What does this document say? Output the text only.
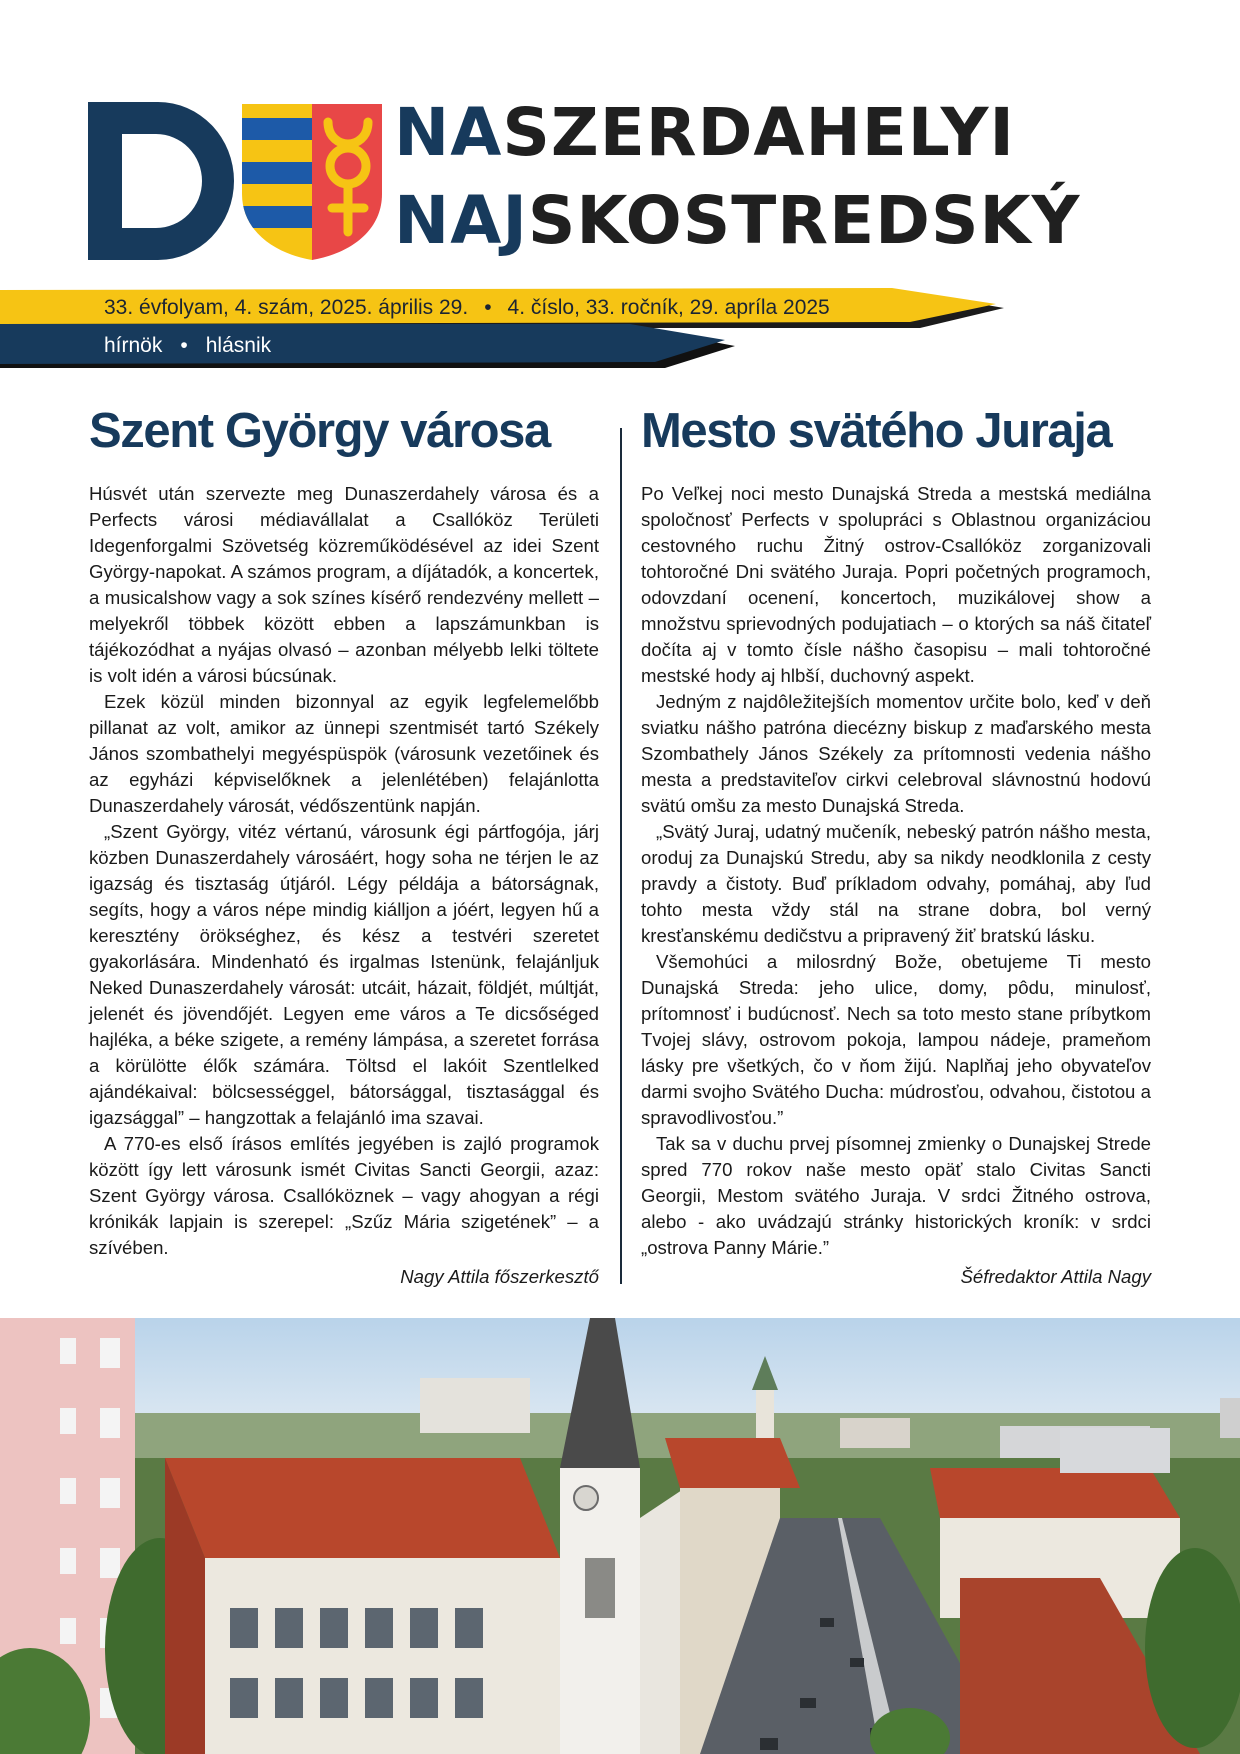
NASZERDAHELYI
NAJSKOSTREDSKÝ
33. évfolyam, 4. szám, 2025. április 29. • 4. číslo, 33. ročník, 29. apríla 2025
hírnök • hlásnik
Szent György városa

Húsvét után szervezte meg Dunaszerdahely városa és a Perfects városi médiavállalat a Csallóköz Területi Idegenforgalmi Szövetség közreműködésével az idei Szent György-napokat. A számos program, a díjátadók, a koncertek, a musicalshow vagy a sok színes kísérő rendezvény mellett – melyekről többek között ebben a lapszámunkban is tájékozódhat a nyájas olvasó – azonban mélyebb lelki töltete is volt idén a városi búcsúnak.

Ezek közül minden bizonnyal az egyik legfelemelőbb pillanat az volt, amikor az ünnepi szentmisét tartó Székely János szombathelyi megyéspüspök (városunk vezetőinek és az egyházi képviselőknek a jelenlétében) felajánlotta Dunaszerdahely városát, védőszentünk napján.

„Szent György, vitéz vértanú, városunk égi pártfogója, járj közben Dunaszerdahely városáért, hogy soha ne térjen le az igazság és tisztaság útjáról. Légy példája a bátorságnak, segíts, hogy a város népe mindig kiálljon a jóért, legyen hű a keresztény örökséghez, és kész a testvéri szeretet gyakorlására. Mindenható és irgalmas Istenünk, felajánljuk Neked Dunaszerdahely városát: utcáit, házait, földjét, múltját, jelenét és jövendőjét. Legyen eme város a Te dicsőséged hajléka, a béke szigete, a remény lámpása, a szeretet forrása a körülötte élők számára. Töltsd el lakóit Szentlelked ajándékaival: bölcsességgel, bátorsággal, tisztasággal és igazsággal” – hangzottak a felajánló ima szavai.

A 770-es első írásos említés jegyében is zajló programok között így lett városunk ismét Civitas Sancti Georgii, azaz: Szent György városa. Csallóköznek – vagy ahogyan a régi krónikák lapjain is szerepel: „Szűz Mária szigetének” – a szívében.

Nagy Attila főszerkesztő
Mesto svätého Juraja

Po Veľkej noci mesto Dunajská Streda a mestská mediálna spoločnosť Perfects v spolupráci s Oblastnou organizáciou cestovného ruchu Žitný ostrov-Csallóköz zorganizovali tohtoročné Dni svätého Juraja. Popri početných programoch, odovzdaní ocenení, koncertoch, muzikálovej show a množstvu sprievodných podujatiach – o ktorých sa náš čitateľ dočíta aj v tomto čísle nášho časopisu – mali tohtoročné mestské hody aj hlbší, duchovný aspekt.

Jedným z najdôležitejších momentov určite bolo, keď v deň sviatku nášho patróna diecézny biskup z maďarského mesta Szombathely János Székely za prítomnosti vedenia nášho mesta a predstaviteľov cirkvi celebroval slávnostnú hodovú svätú omšu za mesto Dunajská Streda.

„Svätý Juraj, udatný mučeník, nebeský patrón nášho mesta, oroduj za Dunajskú Stredu, aby sa nikdy neodklonila z cesty pravdy a čistoty. Buď príkladom odvahy, pomáhaj, aby ľud tohto mesta vždy stál na strane dobra, bol verný kresťanskému dedičstvu a pripravený žiť bratskú lásku.

Všemohúci a milosrdný Bože, obetujeme Ti mesto Dunajská Streda: jeho ulice, domy, pôdu, minulosť, prítomnosť i budúcnosť. Nech sa toto mesto stane príbytkom Tvojej slávy, ostrovom pokoja, lampou nádeje, prameňom lásky pre všetkých, čo v ňom žijú. Naplňaj jeho obyvateľov darmi svojho Svätého Ducha: múdrosťou, odvahou, čistotou a spravodlivosťou.”

Tak sa v duchu prvej písomnej zmienky o Dunajskej Strede spred 770 rokov naše mesto opäť stalo Civitas Sancti Georgii, Mestom svätého Juraja. V srdci Žitného ostrova, alebo - ako uvádzajú stránky historických kroník: v srdci „ostrova Panny Márie.”

Šéfredaktor Attila Nagy
